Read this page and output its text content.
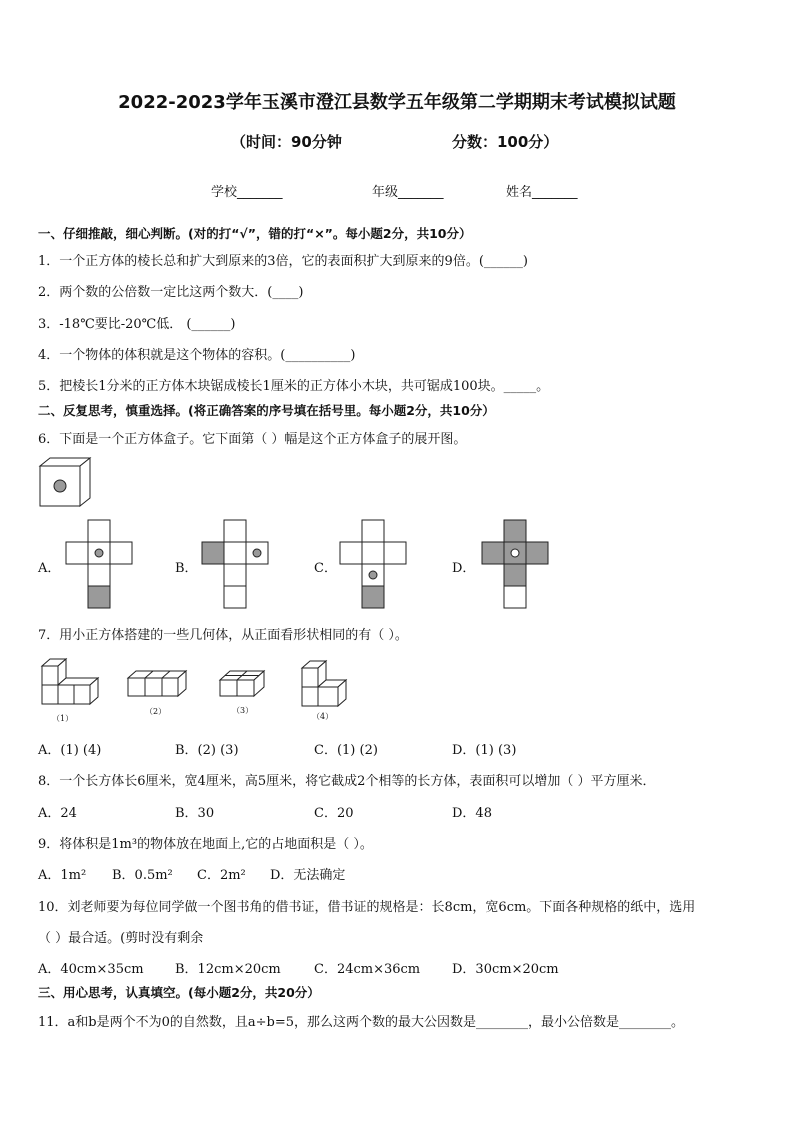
2022-2023学年玉溪市澄江县数学五年级第二学期期末考试模拟试题
（时间：90分钟	分数：100分）
学校_______	年级_______	姓名_______
一、仔细推敲，细心判断。(对的打“√”，错的打“×”。每小题2分，共10分）
1．一个正方体的棱长总和扩大到原来的3倍，它的表面积扩大到原来的9倍。(______)
2．两个数的公倍数一定比这两个数大．(____)
3．-18℃要比-20℃低． (______)
4．一个物体的体积就是这个物体的容积。(__________)
5．把棱长1分米的正方体木块锯成棱长1厘米的正方体小木块，共可锯成100块。_____。
二、反复思考，慎重选择。(将正确答案的序号填在括号里。每小题2分，共10分）
6．下面是一个正方体盒子。它下面第（ ）幅是这个正方体盒子的展开图。
A．	B．	C．	D．
7．用小正方体搭建的一些几何体，从正面看形状相同的有（ ）。
（1）
（2）	（3）
（4）
A．(1) (4)	B．(2) (3)	C．(1) (2)	D．(1) (3)
8．一个长方体长6厘米，宽4厘米，高5厘米，将它截成2个相等的长方体，表面积可以增加（ ）平方厘米．
A．24	B．30	C．20	D．48
9．将体积是1m³的物体放在地面上,它的占地面积是（ ）。
A．1m² B．0.5m² C．2m² D．无法确定
10．刘老师要为每位同学做一个图书角的借书证，借书证的规格是：长8cm，宽6cm。下面各种规格的纸中，选用
（ ）最合适。(剪时没有剩余
A．40cm×35cm B．12cm×20cm	C．24cm×36cm D．30cm×20cm
三、用心思考，认真填空。(每小题2分，共20分）
11．a和b是两个不为0的自然数，且a÷b=5，那么这两个数的最大公因数是________，最小公倍数是________。
